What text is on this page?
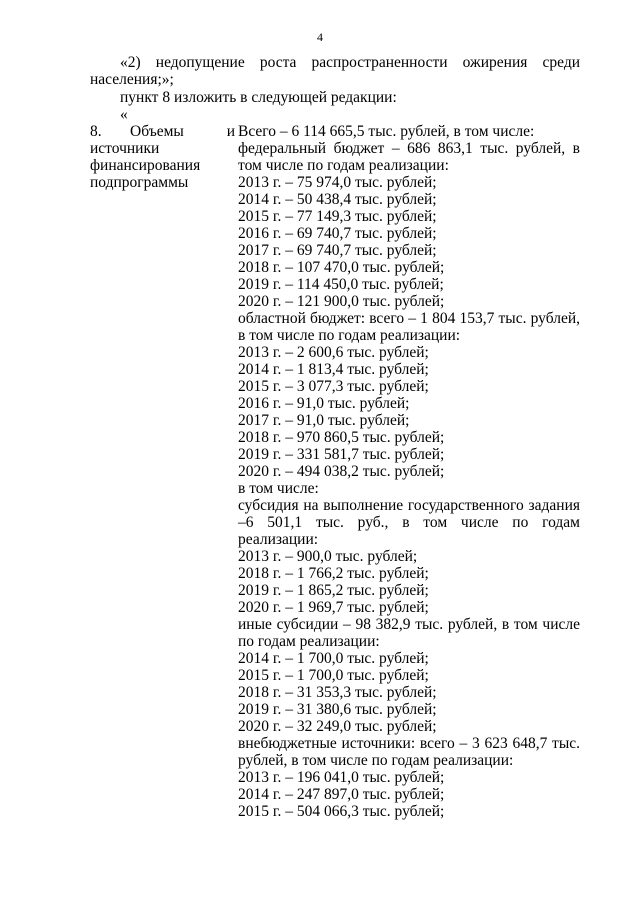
4
«2) недопущение роста распространенности ожирения среди
населения;»;
пункт 8 изложить в следующей редакции:
«
8.	Объемы	и
источники
финансирования
подпрограммы
Всего – 6 114 665,5 тыс. рублей, в том числе:
федеральный бюджет – 686 863,1 тыс. рублей, в
том числе по годам реализации:
2013 г. – 75 974,0 тыс. рублей;
2014 г. – 50 438,4 тыс. рублей;
2015 г. – 77 149,3 тыс. рублей;
2016 г. – 69 740,7 тыс. рублей;
2017 г. – 69 740,7 тыс. рублей;
2018 г. – 107 470,0 тыс. рублей;
2019 г. – 114 450,0 тыс. рублей;
2020 г. – 121 900,0 тыс. рублей;
областной бюджет: всего – 1 804 153,7 тыс. рублей,
в том числе по годам реализации:
2013 г. – 2 600,6 тыс. рублей;
2014 г. – 1 813,4 тыс. рублей;
2015 г. – 3 077,3 тыс. рублей;
2016 г. – 91,0 тыс. рублей;
2017 г. – 91,0 тыс. рублей;
2018 г. – 970 860,5 тыс. рублей;
2019 г. – 331 581,7 тыс. рублей;
2020 г. – 494 038,2 тыс. рублей;
в том числе:
субсидия на выполнение государственного задания
–6 501,1 тыс. руб., в том числе по годам
реализации:
2013 г. – 900,0 тыс. рублей;
2018 г. – 1 766,2 тыс. рублей;
2019 г. – 1 865,2 тыс. рублей;
2020 г. – 1 969,7 тыс. рублей;
иные субсидии – 98 382,9 тыс. рублей, в том числе
по годам реализации:
2014 г. – 1 700,0 тыс. рублей;
2015 г. – 1 700,0 тыс. рублей;
2018 г. – 31 353,3 тыс. рублей;
2019 г. – 31 380,6 тыс. рублей;
2020 г. – 32 249,0 тыс. рублей;
внебюджетные источники: всего – 3 623 648,7 тыс.
рублей, в том числе по годам реализации:
2013 г. – 196 041,0 тыс. рублей;
2014 г. – 247 897,0 тыс. рублей;
2015 г. – 504 066,3 тыс. рублей;
